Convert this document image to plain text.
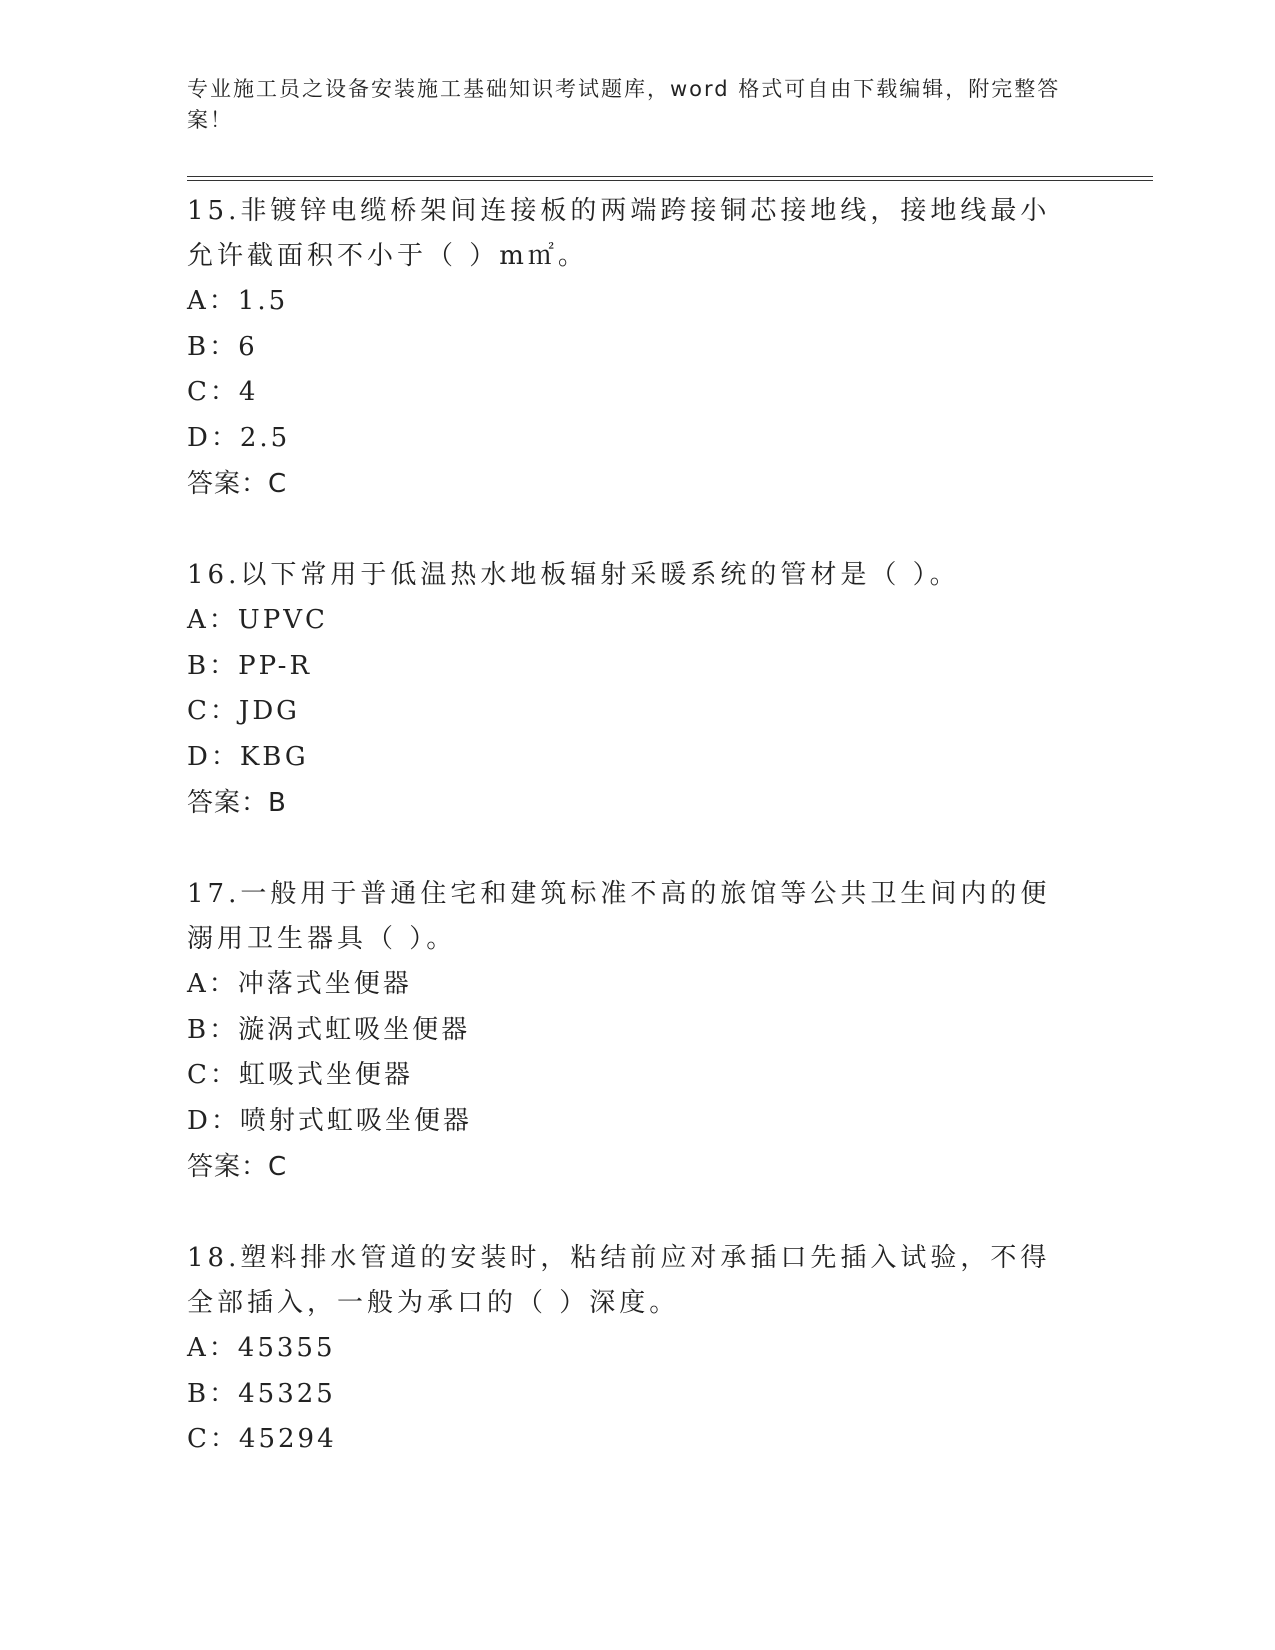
专业施工员之设备安装施工基础知识考试题库，word 格式可自由下载编辑，附完整答案！

15.非镀锌电缆桥架间连接板的两端跨接铜芯接地线，接地线最小允许截面积不小于（ ）m㎡。

A：1.5

B：6

C：4

D：2.5

答案：C

16.以下常用于低温热水地板辐射采暖系统的管材是（ ）。

A：UPVC

B：PP-R

C：JDG

D：KBG

答案：B

17.一般用于普通住宅和建筑标准不高的旅馆等公共卫生间内的便溺用卫生器具（ ）。

A：冲落式坐便器

B：漩涡式虹吸坐便器

C：虹吸式坐便器

D：喷射式虹吸坐便器

答案：C

18.塑料排水管道的安装时，粘结前应对承插口先插入试验，不得全部插入，一般为承口的（ ）深度。

A：45355

B：45325

C：45294
